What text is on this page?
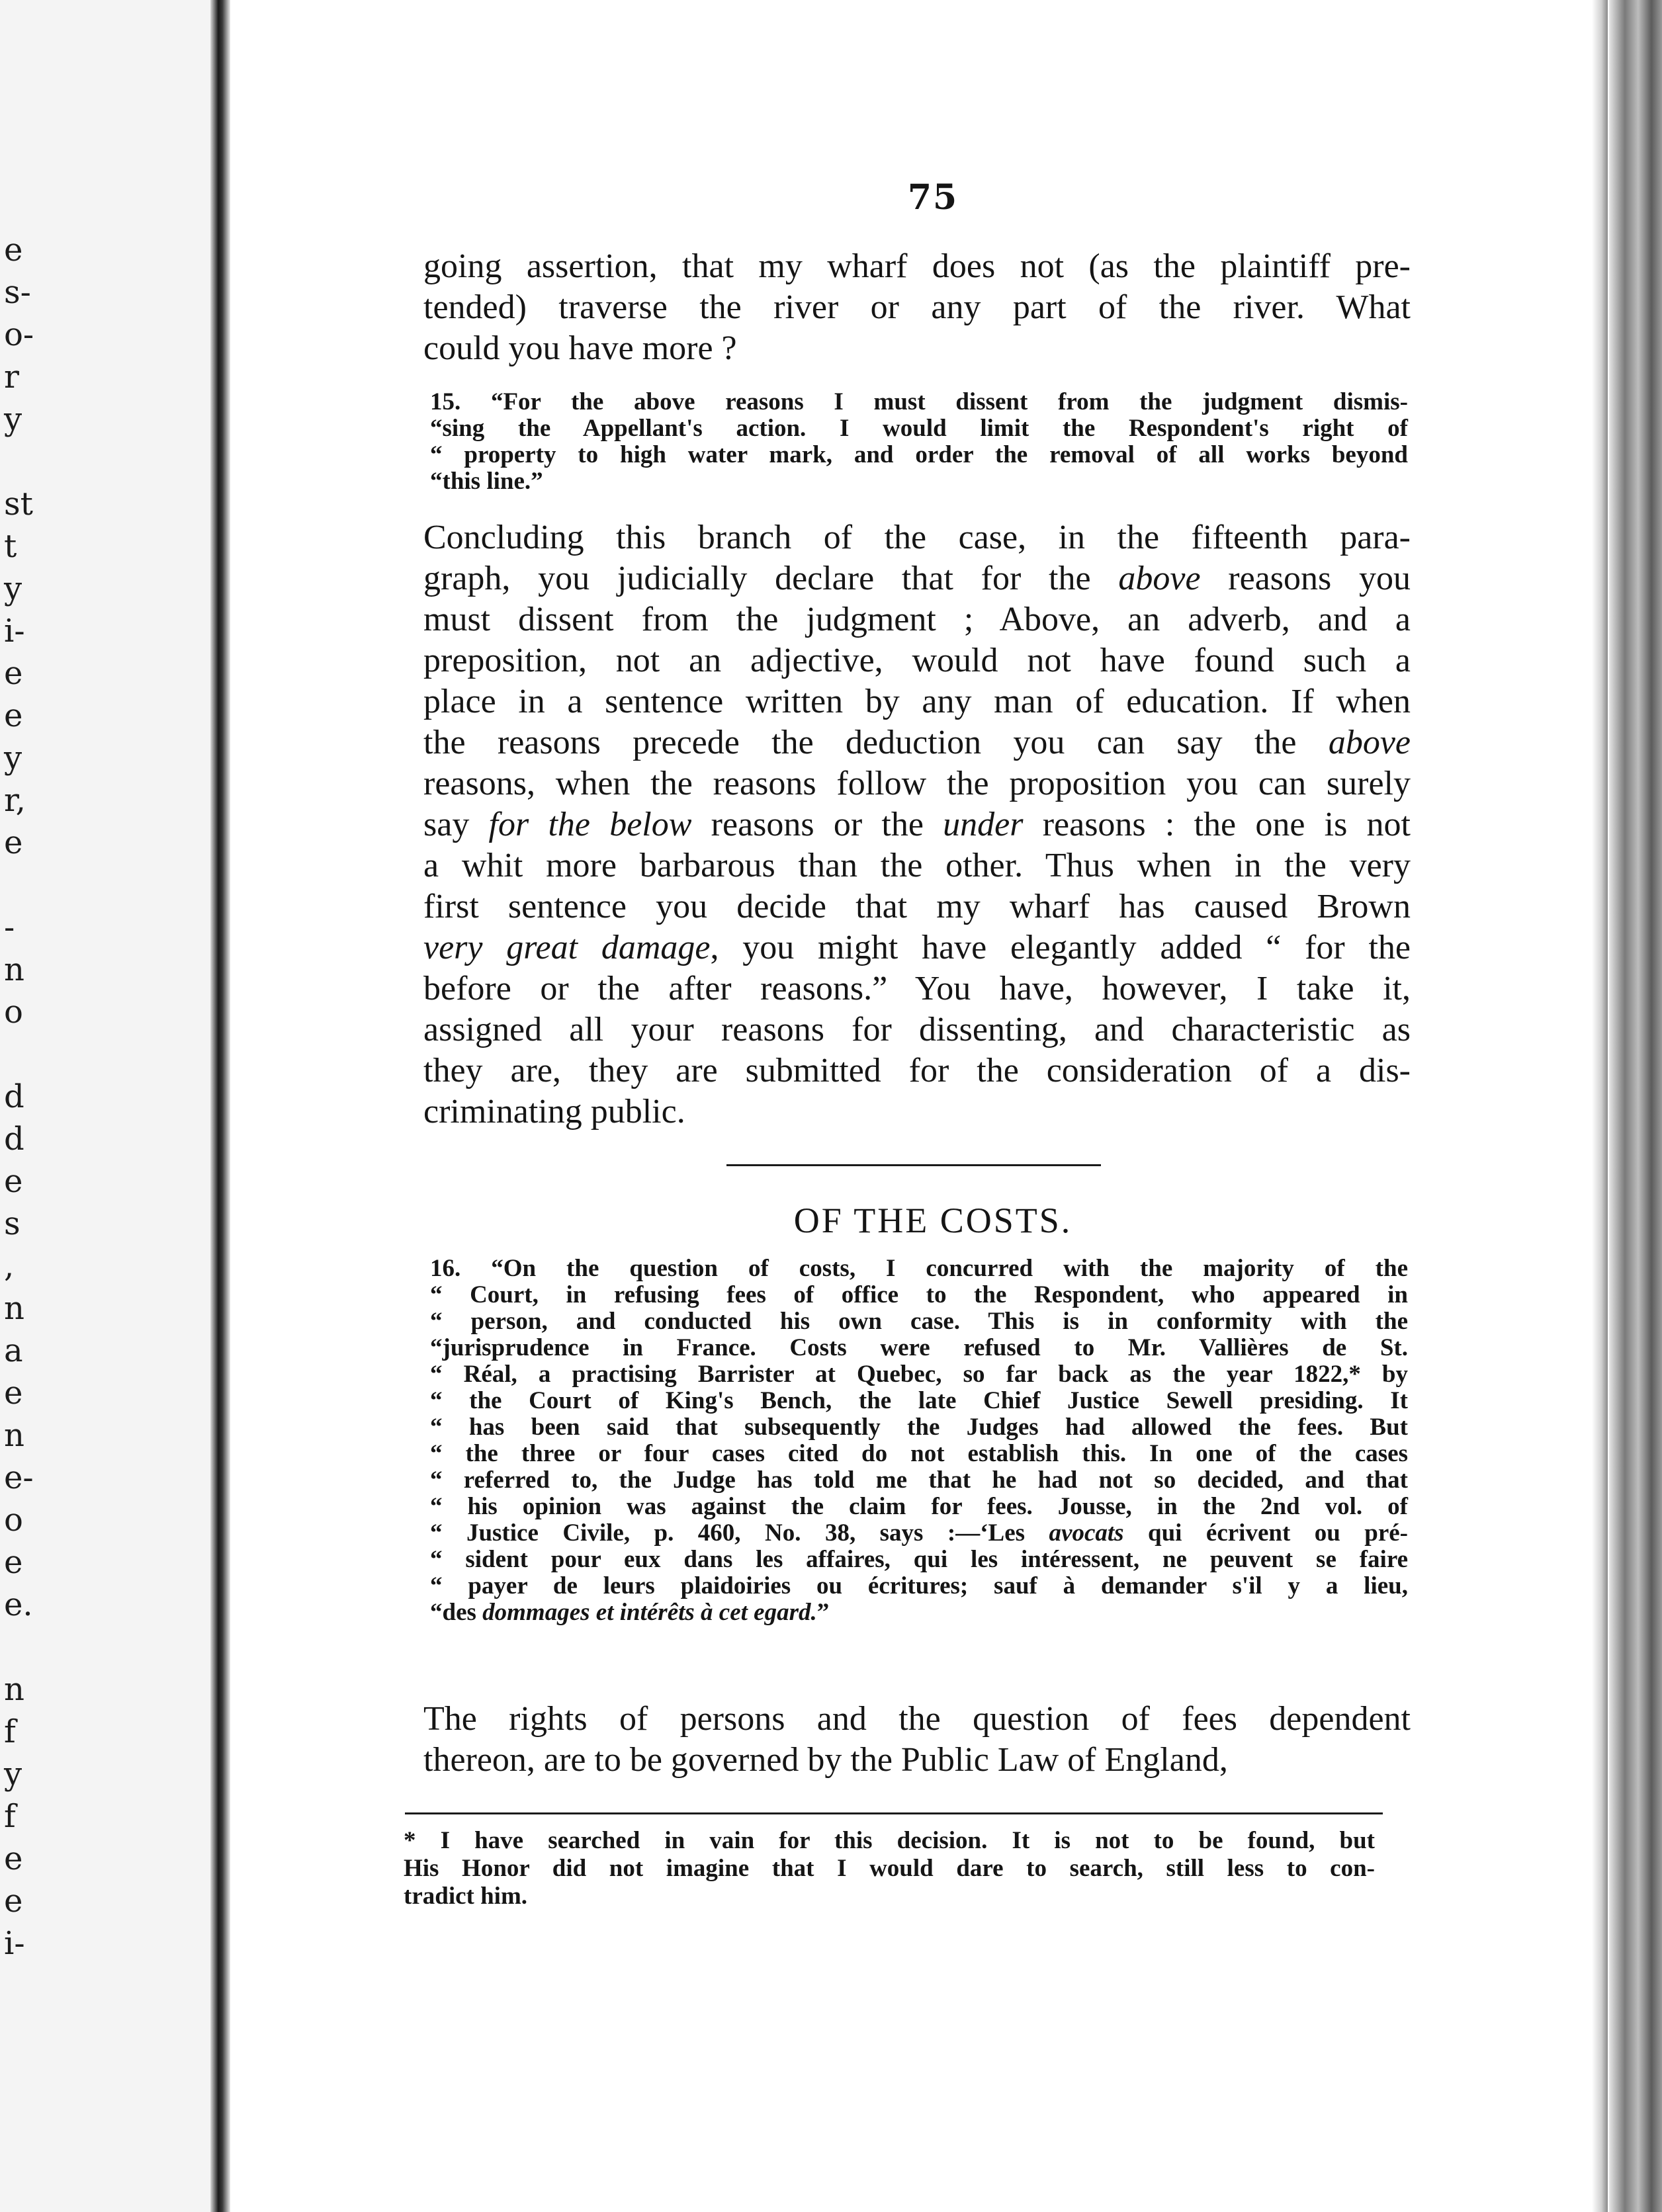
e
s-
o-
r
y
st
t
y
i-
e
e
y
r,
e
-
n
o
d
d
e
s
,
n
a
e
n
e-
o
e
e.
n
f
y
f
e
e
i-
75
going assertion, that my wharf does not (as the plaintiff pre-
tended) traverse the river or any part of the river. What
could you have more ?
15. “For the above reasons I must dissent from the judgment dismis-
“sing the Appellant's action. I would limit the Respondent's right of
“ property to high water mark, and order the removal of all works beyond
“this line.”
Concluding this branch of the case, in the fifteenth para-
graph, you judicially declare that for the above reasons you
must dissent from the judgment ; Above, an adverb, and a
preposition, not an adjective, would not have found such a
place in a sentence written by any man of education. If when
the reasons precede the deduction you can say the above
reasons, when the reasons follow the proposition you can surely
say for the below reasons or the under reasons : the one is not
a whit more barbarous than the other. Thus when in the very
first sentence you decide that my wharf has caused Brown
very great damage, you might have elegantly added “ for the
before or the after reasons.” You have, however, I take it,
assigned all your reasons for dissenting, and characteristic as
they are, they are submitted for the consideration of a dis-
criminating public.
OF THE COSTS.
16. “On the question of costs, I concurred with the majority of the
“ Court, in refusing fees of office to the Respondent, who appeared in
“ person, and conducted his own case. This is in conformity with the
“jurisprudence in France. Costs were refused to Mr. Vallières de St.
“ Réal, a practising Barrister at Quebec, so far back as the year 1822,* by
“ the Court of King's Bench, the late Chief Justice Sewell presiding. It
“ has been said that subsequently the Judges had allowed the fees. But
“ the three or four cases cited do not establish this. In one of the cases
“ referred to, the Judge has told me that he had not so decided, and that
“ his opinion was against the claim for fees. Jousse, in the 2nd vol. of
“ Justice Civile, p. 460, No. 38, says :—‘Les avocats qui écrivent ou pré-
“ sident pour eux dans les affaires, qui les intéressent, ne peuvent se faire
“ payer de leurs plaidoiries ou écritures; sauf à demander s'il y a lieu,
“des dommages et intérêts à cet egard.”
The rights of persons and the question of fees dependent
thereon, are to be governed by the Public Law of England,
* I have searched in vain for this decision. It is not to be found, but
His Honor did not imagine that I would dare to search, still less to con-
tradict him.
